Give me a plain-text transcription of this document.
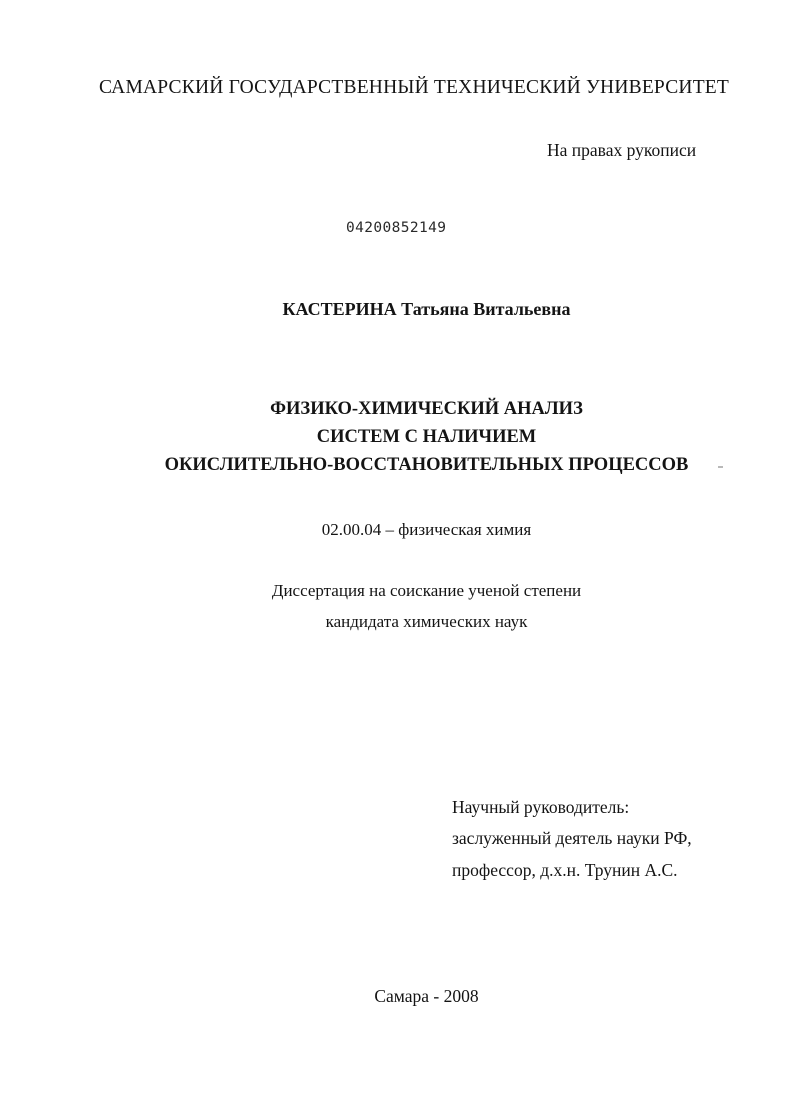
САМАРСКИЙ ГОСУДАРСТВЕННЫЙ ТЕХНИЧЕСКИЙ УНИВЕРСИТЕТ
На правах рукописи
04200852149
КАСТЕРИНА Татьяна Витальевна
ФИЗИКО-ХИМИЧЕСКИЙ АНАЛИЗ
СИСТЕМ С НАЛИЧИЕМ
ОКИСЛИТЕЛЬНО-ВОССТАНОВИТЕЛЬНЫХ ПРОЦЕССОВ
02.00.04 – физическая химия
Диссертация на соискание ученой степени
кандидата химических наук
Научный руководитель:
заслуженный деятель науки РФ,
профессор, д.х.н. Трунин А.С.
Самара - 2008
